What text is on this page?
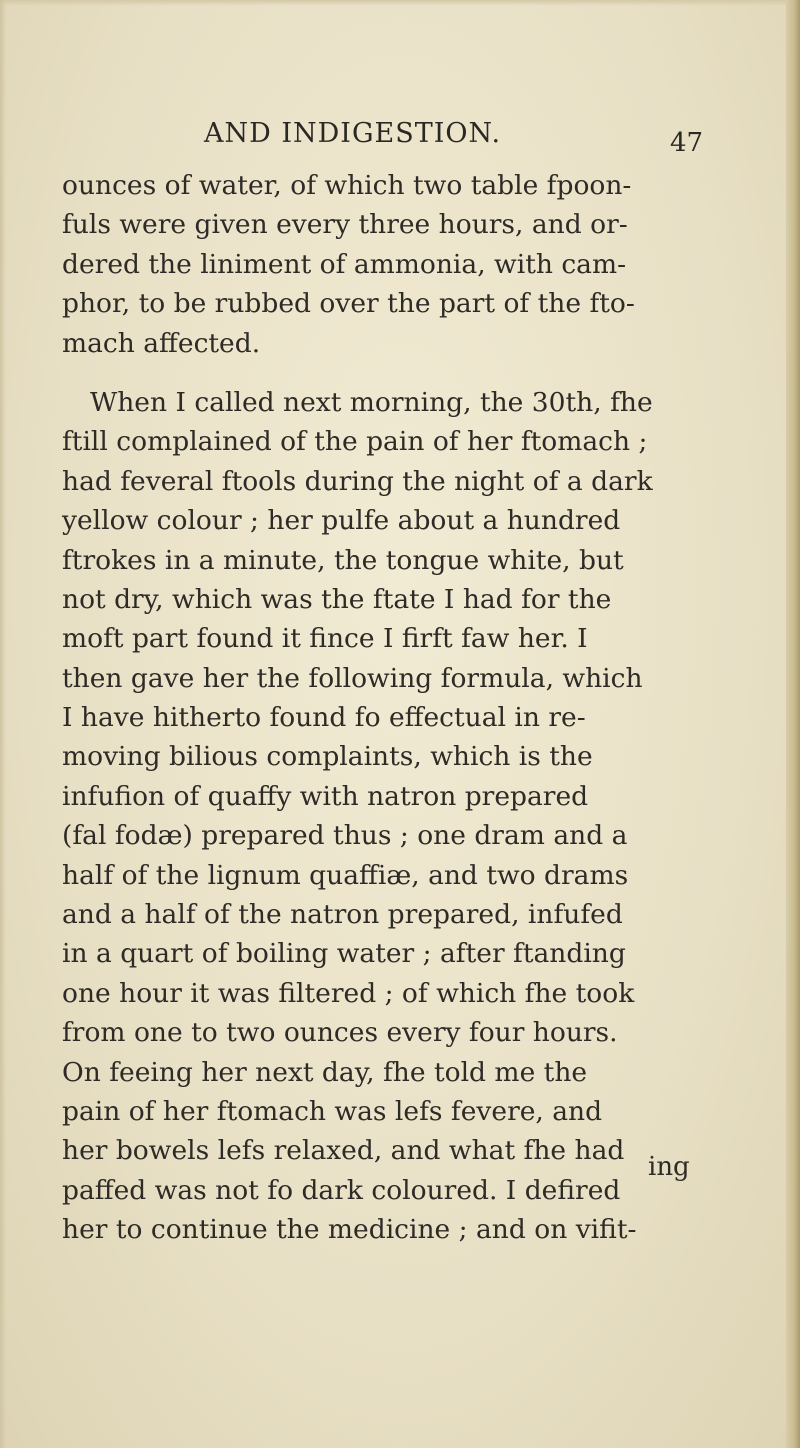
AND INDIGESTION.	47
ounces of water, of which two table fpoon-
fuls were given every three hours, and or-
dered the liniment of ammonia, with cam-
phor, to be rubbed over the part of the fto-
mach affected.
When I called next morning, the 30th, fhe
ftill complained of the pain of her ftomach ;
had feveral ftools during the night of a dark
yellow colour ; her pulfe about a hundred
ftrokes in a minute, the tongue white, but
not dry, which was the ftate I had for the
moft part found it fince I firft faw her. I
then gave her the following formula, which
I have hitherto found fo effectual in re-
moving bilious complaints, which is the
infufion of quaffy with natron prepared
(fal fodæ) prepared thus ; one dram and a
half of the lignum quaffiæ, and two drams
and a half of the natron prepared, infufed
in a quart of boiling water ; after ftanding
one hour it was filtered ; of which fhe took
from one to two ounces every four hours.
On feeing her next day, fhe told me the
pain of her ftomach was lefs fevere, and
her bowels lefs relaxed, and what fhe had
paffed was not fo dark coloured. I defired
her to continue the medicine ; and on vifit-
ing
